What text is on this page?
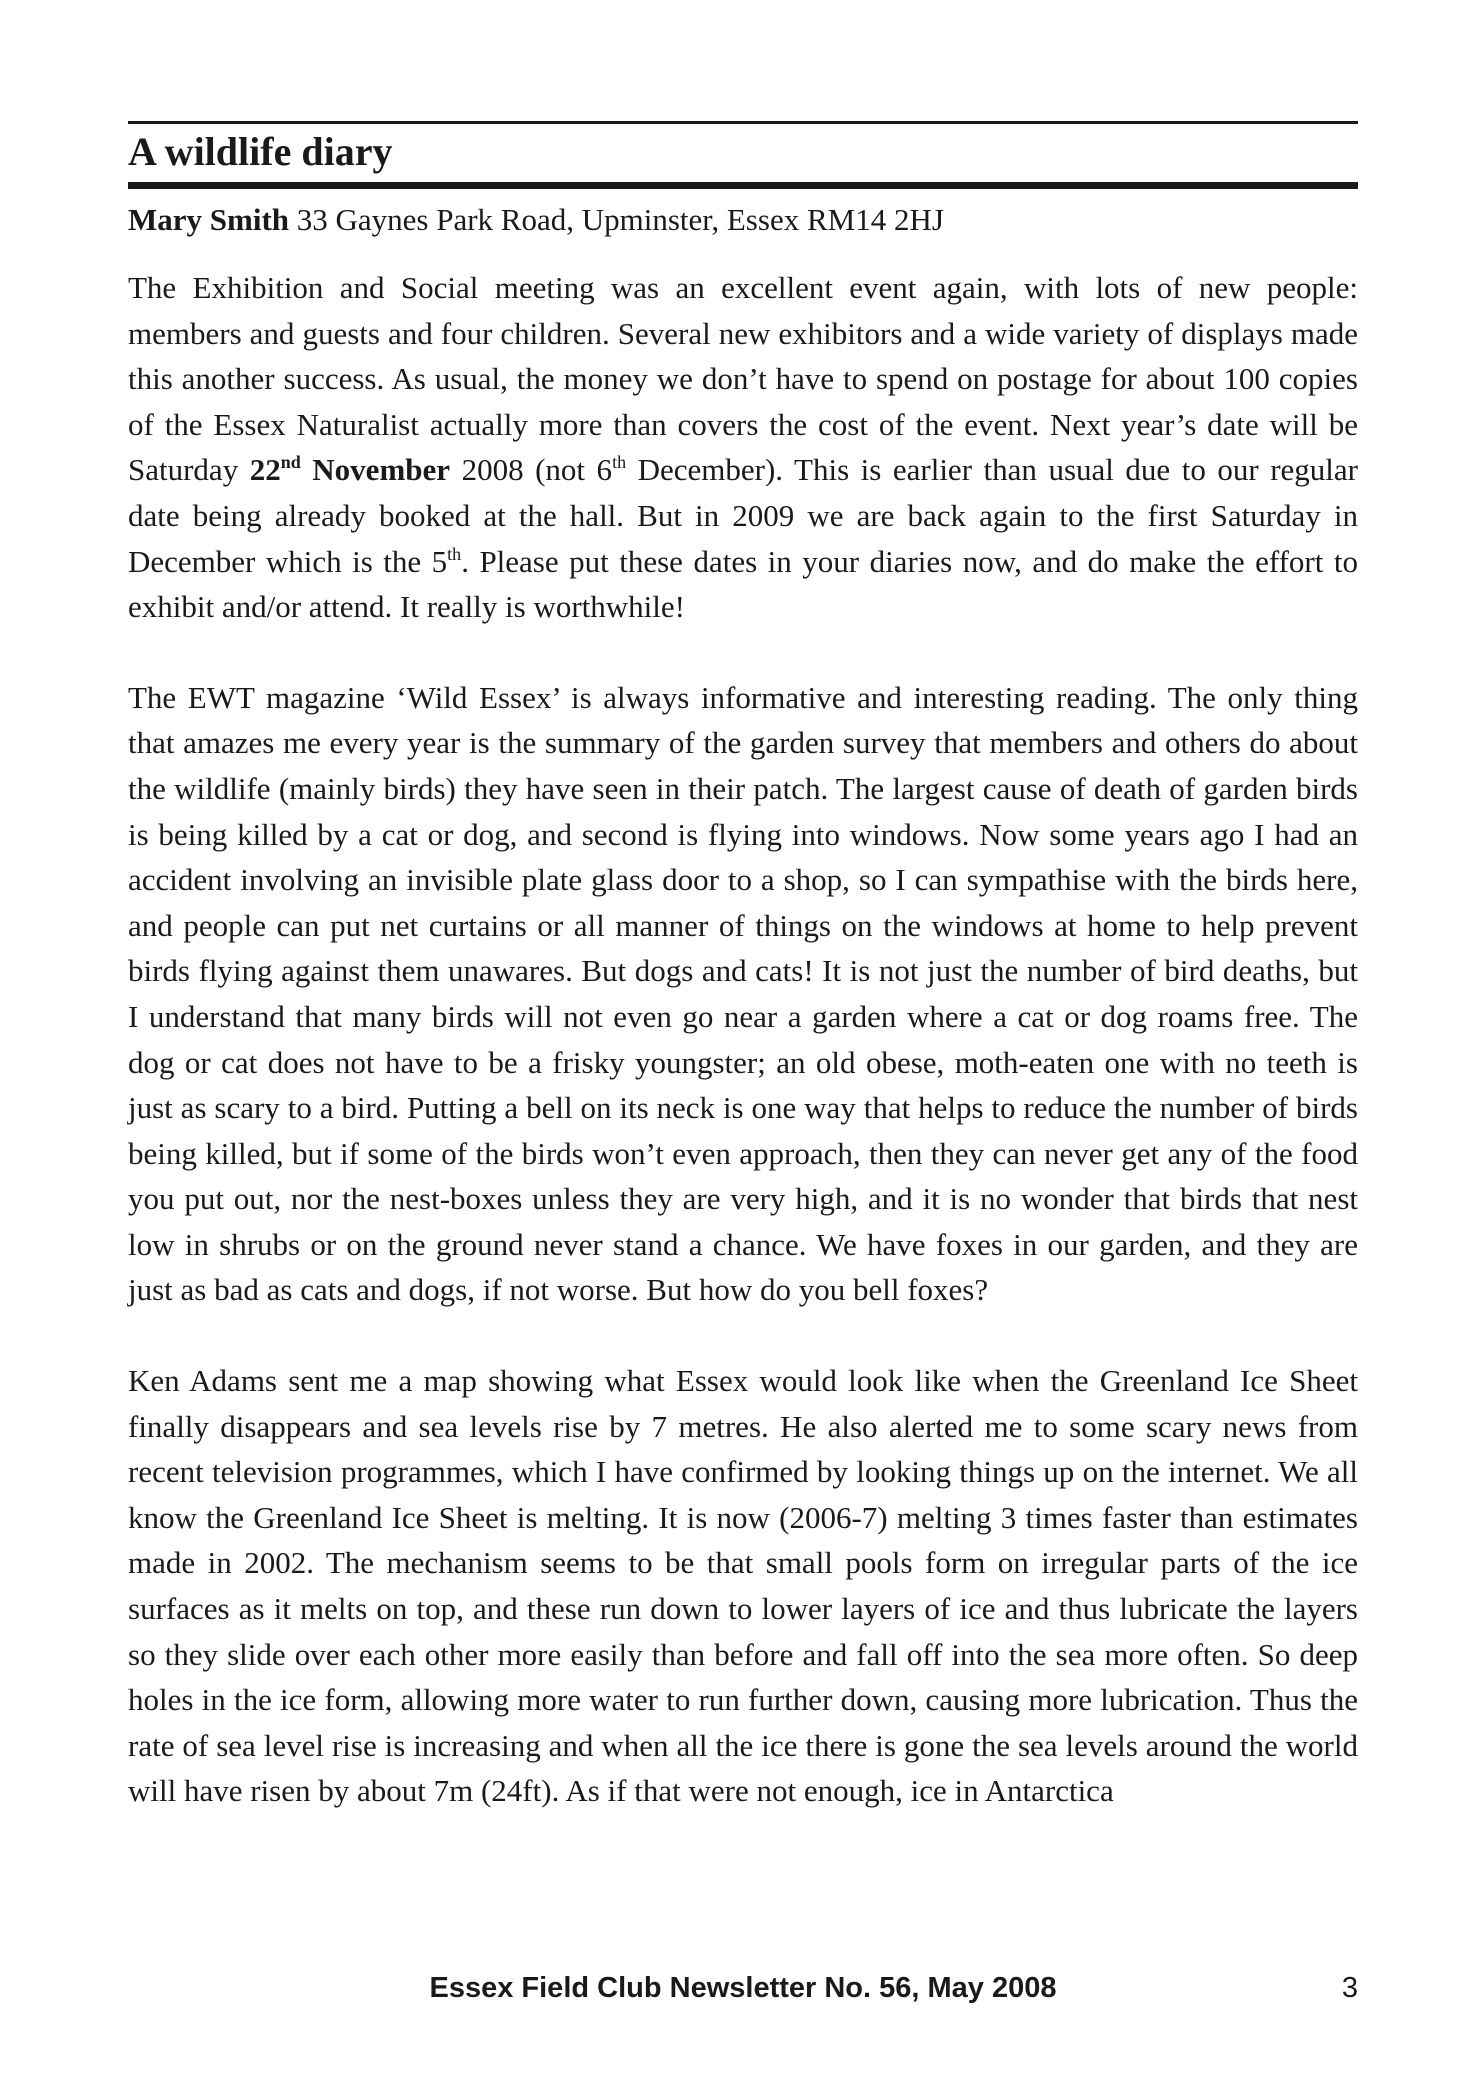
A wildlife diary

Mary Smith 33 Gaynes Park Road, Upminster, Essex RM14 2HJ

The Exhibition and Social meeting was an excellent event again, with lots of new people: members and guests and four children. Several new exhibitors and a wide variety of displays made this another success. As usual, the money we don’t have to spend on postage for about 100 copies of the Essex Naturalist actually more than covers the cost of the event. Next year’s date will be Saturday 22nd November 2008 (not 6th December). This is earlier than usual due to our regular date being already booked at the hall. But in 2009 we are back again to the first Saturday in December which is the 5th. Please put these dates in your diaries now, and do make the effort to exhibit and/or attend. It really is worthwhile!

The EWT magazine ‘Wild Essex’ is always informative and interesting reading. The only thing that amazes me every year is the summary of the garden survey that members and others do about the wildlife (mainly birds) they have seen in their patch. The largest cause of death of garden birds is being killed by a cat or dog, and second is flying into windows. Now some years ago I had an accident involving an invisible plate glass door to a shop, so I can sympathise with the birds here, and people can put net curtains or all manner of things on the windows at home to help prevent birds flying against them unawares. But dogs and cats! It is not just the number of bird deaths, but I understand that many birds will not even go near a garden where a cat or dog roams free. The dog or cat does not have to be a frisky youngster; an old obese, moth-eaten one with no teeth is just as scary to a bird. Putting a bell on its neck is one way that helps to reduce the number of birds being killed, but if some of the birds won’t even approach, then they can never get any of the food you put out, nor the nest-boxes unless they are very high, and it is no wonder that birds that nest low in shrubs or on the ground never stand a chance. We have foxes in our garden, and they are just as bad as cats and dogs, if not worse. But how do you bell foxes?

Ken Adams sent me a map showing what Essex would look like when the Greenland Ice Sheet finally disappears and sea levels rise by 7 metres. He also alerted me to some scary news from recent television programmes, which I have confirmed by looking things up on the internet. We all know the Greenland Ice Sheet is melting. It is now (2006-7) melting 3 times faster than estimates made in 2002. The mechanism seems to be that small pools form on irregular parts of the ice surfaces as it melts on top, and these run down to lower layers of ice and thus lubricate the layers so they slide over each other more easily than before and fall off into the sea more often. So deep holes in the ice form, allowing more water to run further down, causing more lubrication. Thus the rate of sea level rise is increasing and when all the ice there is gone the sea levels around the world will have risen by about 7m (24ft). As if that were not enough, ice in Antarctica

Essex Field Club Newsletter No. 56, May 2008	3
